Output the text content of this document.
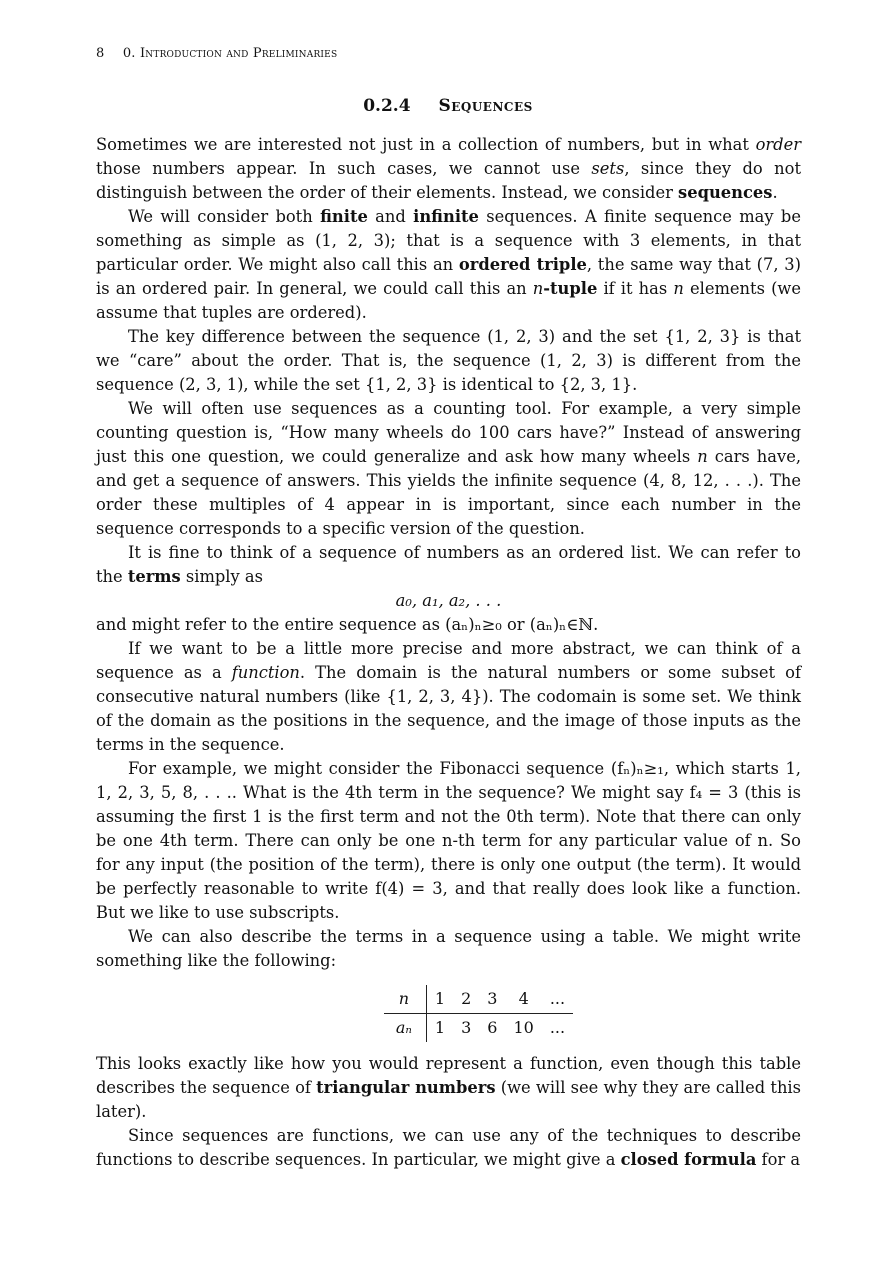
8 0. Introduction and Preliminaries
0.2.4 Sequences

Sometimes we are interested not just in a collection of numbers, but in what order those numbers appear. In such cases, we cannot use sets, since they do not distinguish between the order of their elements. Instead, we consider sequences.

We will consider both finite and infinite sequences. A finite sequence may be something as simple as (1, 2, 3); that is a sequence with 3 elements, in that particular order. We might also call this an ordered triple, the same way that (7, 3) is an ordered pair. In general, we could call this an n-tuple if it has n elements (we assume that tuples are ordered).

The key difference between the sequence (1, 2, 3) and the set {1, 2, 3} is that we “care” about the order. That is, the sequence (1, 2, 3) is different from the sequence (2, 3, 1), while the set {1, 2, 3} is identical to {2, 3, 1}.

We will often use sequences as a counting tool. For example, a very simple counting question is, “How many wheels do 100 cars have?” Instead of answering just this one question, we could generalize and ask how many wheels n cars have, and get a sequence of answers. This yields the infinite sequence (4, 8, 12, . . .). The order these multiples of 4 appear in is important, since each number in the sequence corresponds to a specific version of the question.

It is fine to think of a sequence of numbers as an ordered list. We can refer to the terms simply as

a₀, a₁, a₂, . . .

and might refer to the entire sequence as (aₙ)ₙ≥₀ or (aₙ)ₙ∈ℕ.

If we want to be a little more precise and more abstract, we can think of a sequence as a function. The domain is the natural numbers or some subset of consecutive natural numbers (like {1, 2, 3, 4}). The codomain is some set. We think of the domain as the positions in the sequence, and the image of those inputs as the terms in the sequence.

For example, we might consider the Fibonacci sequence (fₙ)ₙ≥₁, which starts 1, 1, 2, 3, 5, 8, . . .. What is the 4th term in the sequence? We might say f₄ = 3 (this is assuming the first 1 is the first term and not the 0th term). Note that there can only be one 4th term. There can only be one n-th term for any particular value of n. So for any input (the position of the term), there is only one output (the term). It would be perfectly reasonable to write f(4) = 3, and that really does look like a function. But we like to use subscripts.

We can also describe the terms in a sequence using a table. We might write something like the following:

n	1	2	3	4	...
aₙ	1	3	6	10	...

This looks exactly like how you would represent a function, even though this table describes the sequence of triangular numbers (we will see why they are called this later).

Since sequences are functions, we can use any of the techniques to describe functions to describe sequences. In particular, we might give a closed formula for a
